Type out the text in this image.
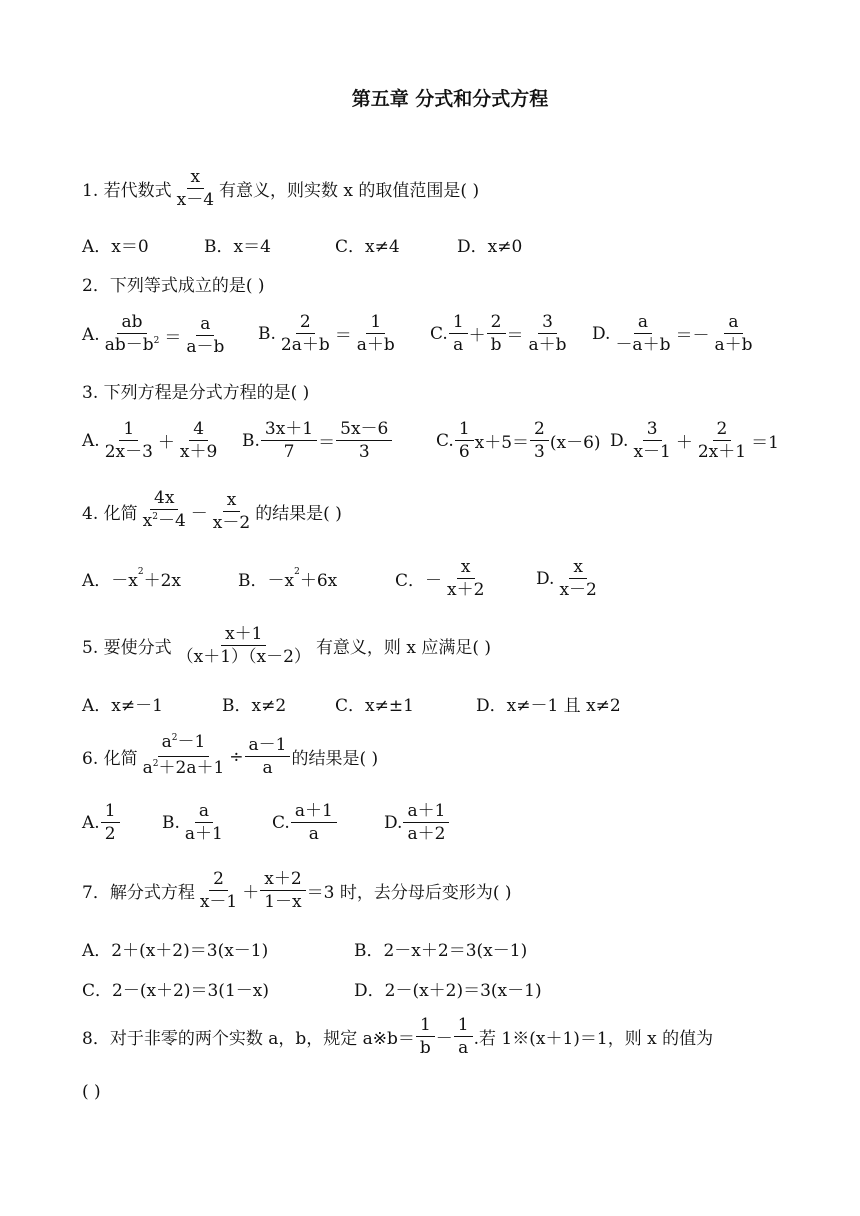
第五章 分式和分式方程
1. 若代数式 $\frac{x}{x-4}$ 有意义，则实数 x 的取值范围是( )
A．x＝0	B．x＝4	C．x≠4	D．x≠0
2．下列等式成立的是( )
A. $\frac{ab}{ab-b^2} = \frac{a}{a-b} B$. $\frac{2}{2a+b} = \frac{1}{a+b} C$. $\frac{1}{a} + \frac{2}{b} = \frac{3}{a+b} D$. $\frac{a}{-a+b} =- \frac{a}{a+b}$
3. 下列方程是分式方程的是( )
A. $\frac{1}{2x-3} + \frac{4}{x+9} B$. $\frac{3x+1}{7} = \frac{5x-6}{3}$	C. $\frac{1}{6} x+5= \frac{2}{3} (x-6)$ D. $\frac{3}{x-1} + \frac{2}{2x+1} =1$
4. 化简 $\frac{4x}{x^2-4} - \frac{x}{x-2}$ 的结果是( )
A．－x 2 ＋2x	B．－x 2 ＋6x	C．－ $\frac{x}{x+2}$	D. $\frac{x}{x-2}$
5. 要使分式 $\frac{x+1}{(x+1)(x-2)}$ 有意义，则 x 应满足( )
A．x≠－1	B．x≠2	C．x≠±1	D．x≠－1 且 x≠2
6. 化简 $\frac{a^2-1}{a^2+2a+1} \div \frac{a-1}{a}$ 的结果是( )
A. $\frac{1}{2} B$. $\frac{a}{a+1}$	C. $\frac{a+1}{a}$	D. $\frac{a+1}{a+2}$
7．解分式方程 $\frac{2}{x-1} + \frac{x+2}{1-x} =3$ 时，去分母后变形为( )
A．2＋(x＋2)＝3(x－1)	B．2－x＋2＝3(x－1)
C．2－(x＋2)＝3(1－x)	D．2－(x＋2)＝3(x－1)
8．对于非零的两个实数 a，b，规定 a※b＝ $\frac{1}{b} - \frac{1}{a}$ .若 1※(x＋1)＝1，则 x 的值为
( )
